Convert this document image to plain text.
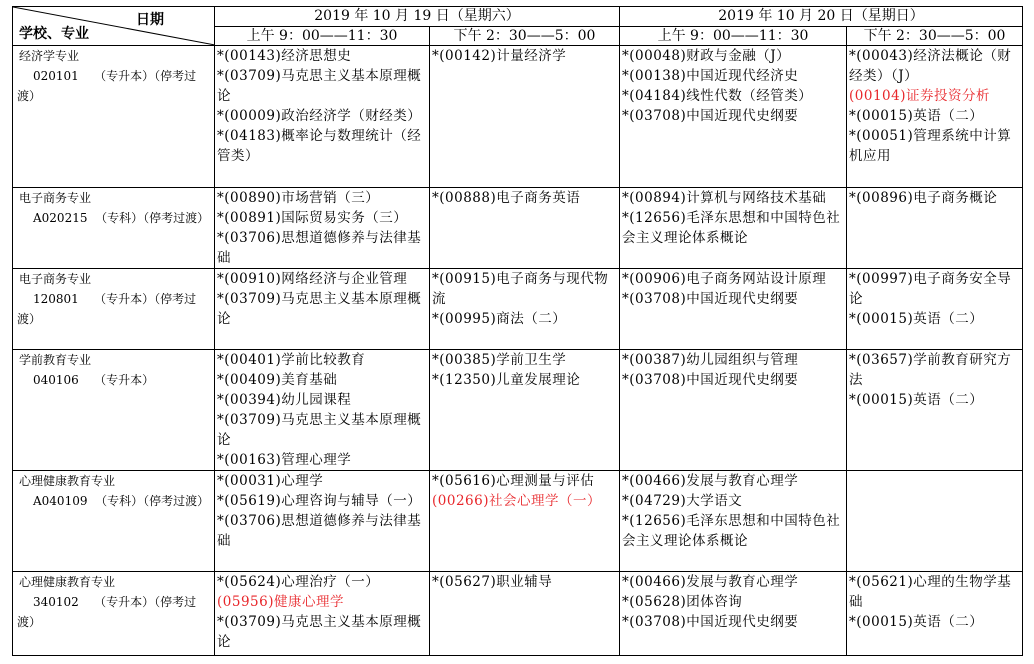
日期
学校、专业	2019 年 10 月 19 日（星期六）		2019 年 10 月 20 日（星期日）	
	上午 9：00——11：30	下午 2：30——5：00	上午 9：00——11：30	下午 2：30——5：00

经济学专业
020101    （专升本）（停考过
渡）	*(00143)经济思想史
*(03709)马克思主义基本原理概论
*(00009)政治经济学（财经类）
*(04183)概率论与数理统计（经管类）	*(00142)计量经济学	*(00048)财政与金融（J）
*(00138)中国近现代经济史
*(04184)线性代数（经管类）
*(03708)中国近现代史纲要	*(00043)经济法概论（财经类）（J）
(00104)证券投资分析
*(00015)英语（二）
*(00051)管理系统中计算机应用

电子商务专业
A020215  （专科）（停考过渡）	*(00890)市场营销（三）
*(00891)国际贸易实务（三）
*(03706)思想道德修养与法律基础	*(00888)电子商务英语	*(00894)计算机与网络技术基础
*(12656)毛泽东思想和中国特色社会主义理论体系概论	*(00896)电子商务概论

电子商务专业
120801    （专升本）（停考过
渡）	*(00910)网络经济与企业管理
*(03709)马克思主义基本原理概论	*(00915)电子商务与现代物流
*(00995)商法（二）	*(00906)电子商务网站设计原理
*(03708)中国近现代史纲要	*(00997)电子商务安全导论
*(00015)英语（二）

学前教育专业
040106    （专升本）	*(00401)学前比较教育
*(00409)美育基础
*(00394)幼儿园课程
*(03709)马克思主义基本原理概论
*(00163)管理心理学	*(00385)学前卫生学
*(12350)儿童发展理论	*(00387)幼儿园组织与管理
*(03708)中国近现代史纲要	*(03657)学前教育研究方法
*(00015)英语（二）

心理健康教育专业
A040109  （专科）（停考过渡）	*(00031)心理学
*(05619)心理咨询与辅导（一）
*(03706)思想道德修养与法律基础	*(05616)心理测量与评估
(00266)社会心理学（一）	*(00466)发展与教育心理学
*(04729)大学语文
*(12656)毛泽东思想和中国特色社会主义理论体系概论	

心理健康教育专业
340102    （专升本）（停考过
渡）	*(05624)心理治疗（一）
(05956)健康心理学
*(03709)马克思主义基本原理概论	*(05627)职业辅导	*(00466)发展与教育心理学
*(05628)团体咨询
*(03708)中国近现代史纲要	*(05621)心理的生物学基础
*(00015)英语（二）
